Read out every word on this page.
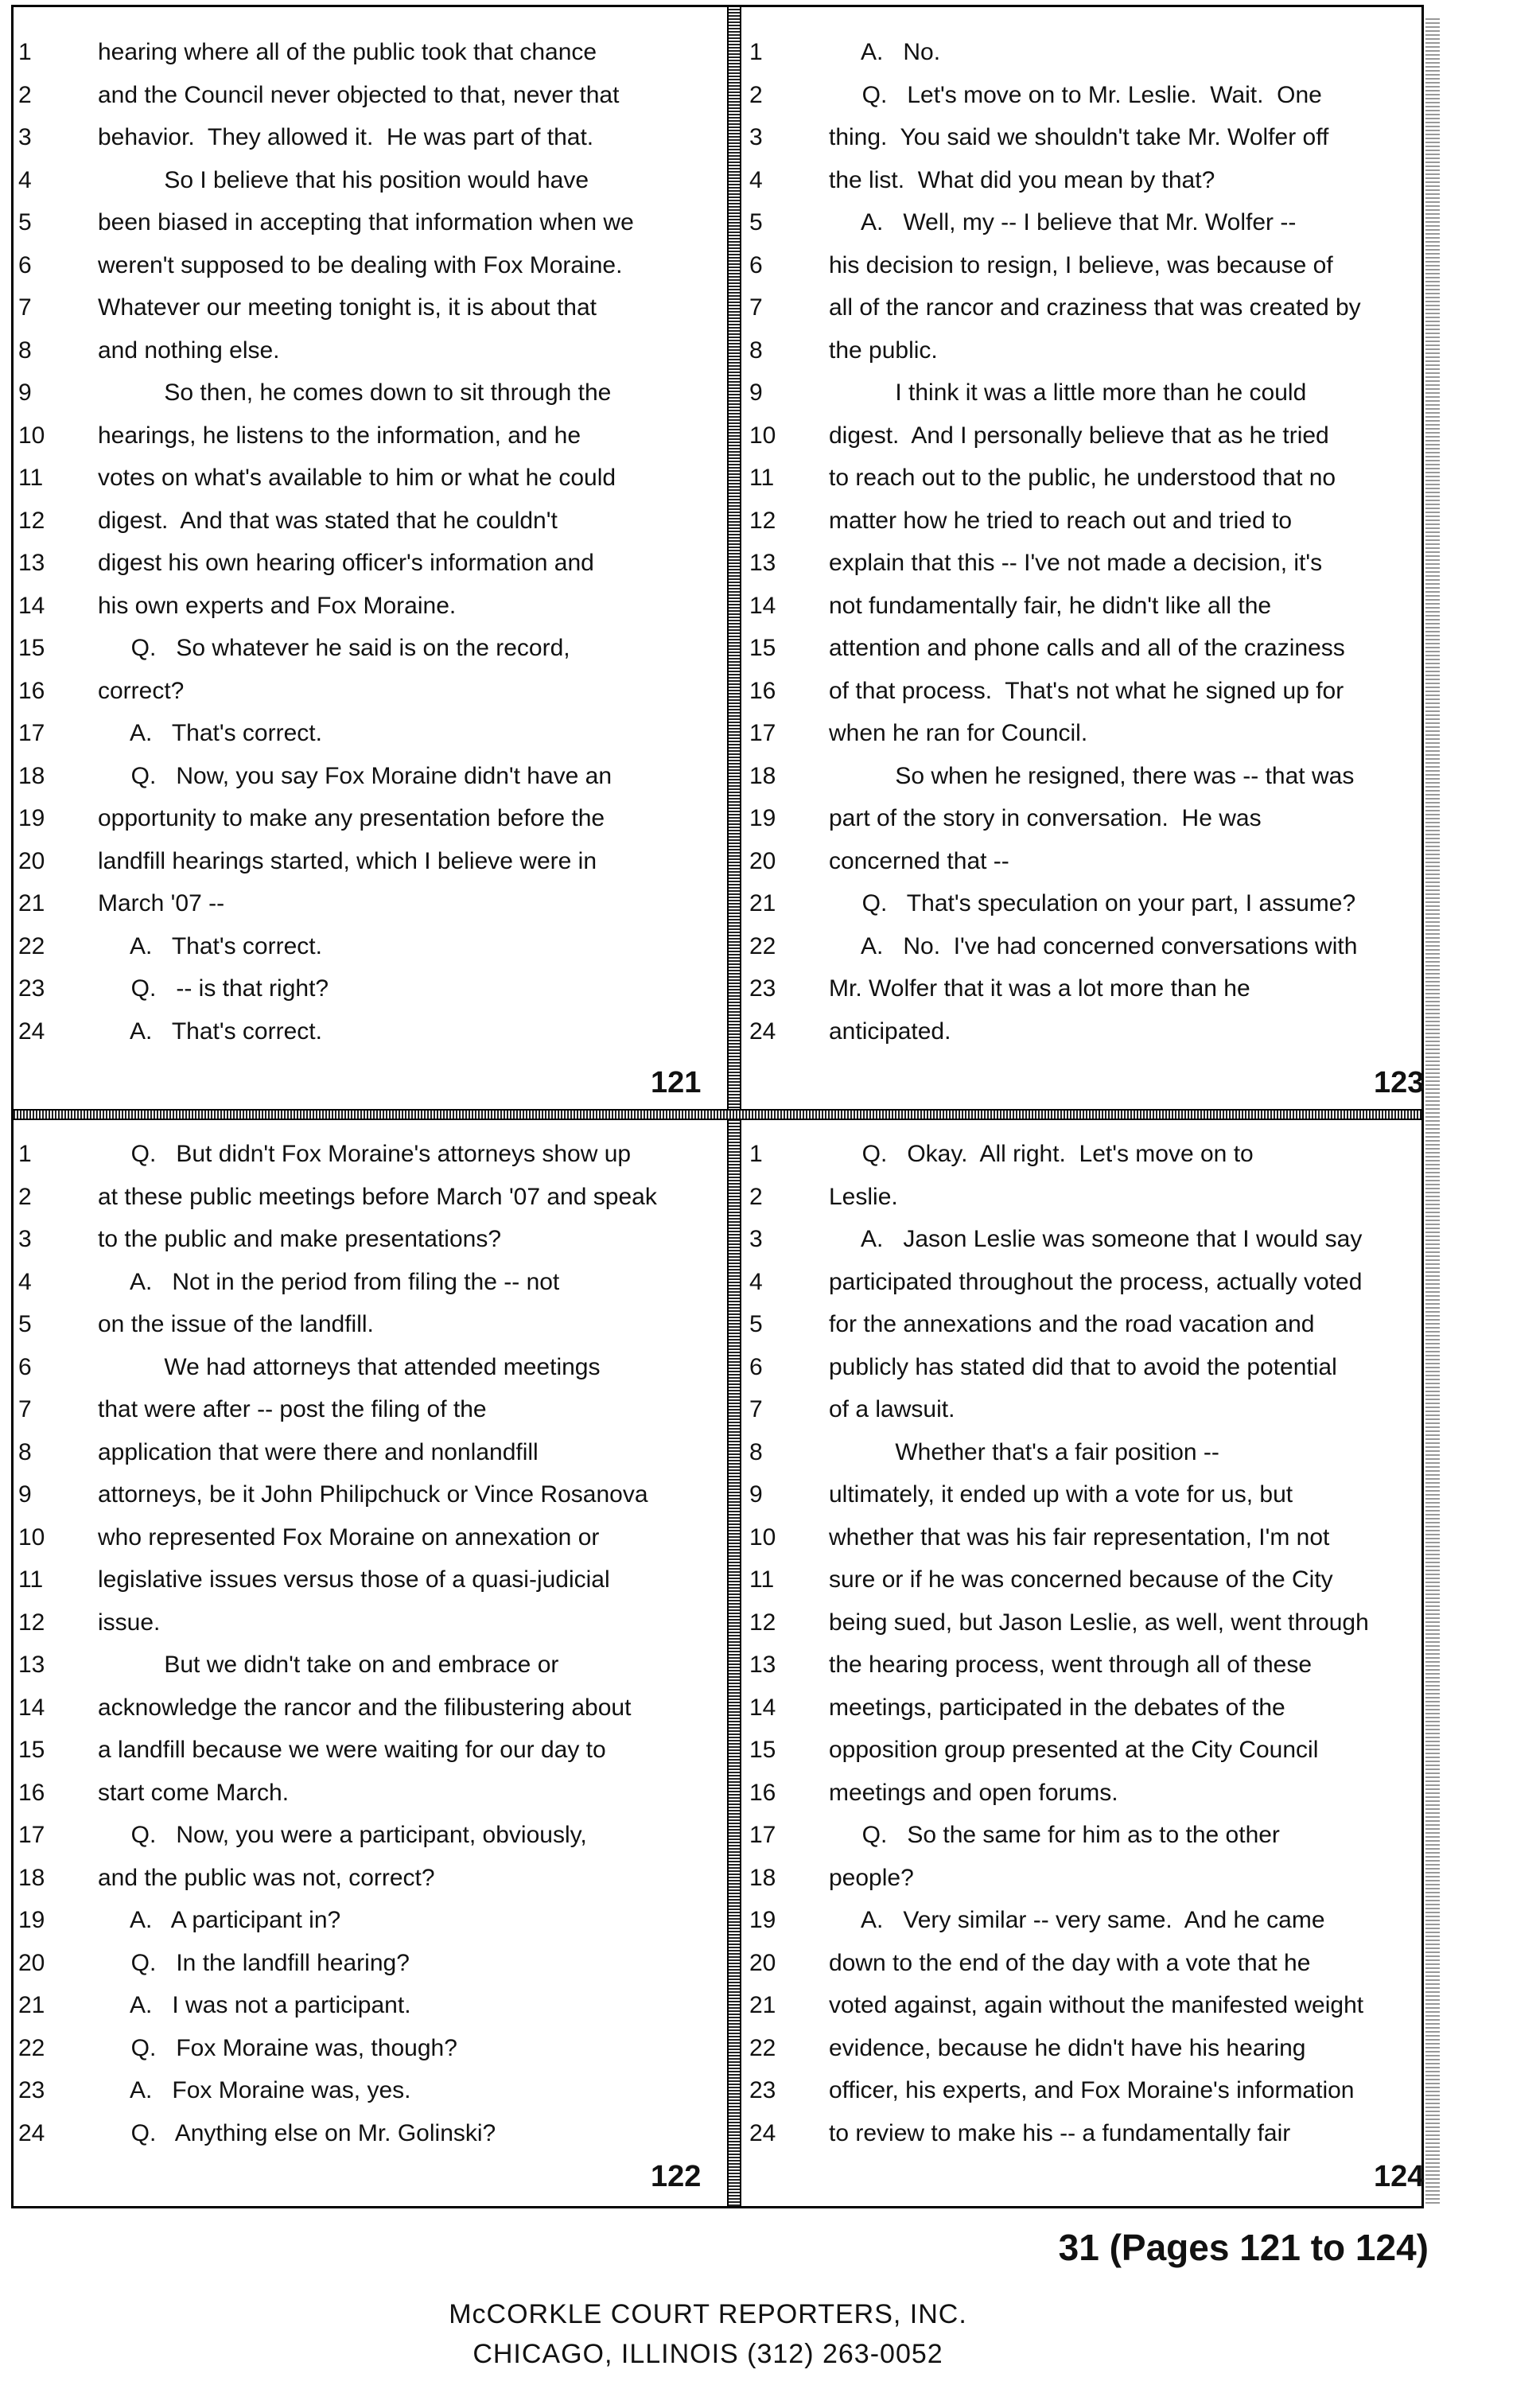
1	hearing where all of the public took that chance
2	and the Council never objected to that, never that
3	behavior.  They allowed it.  He was part of that.
4	So I believe that his position would have
5	been biased in accepting that information when we
6	weren't supposed to be dealing with Fox Moraine.
7	Whatever our meeting tonight is, it is about that
8	and nothing else.
9	So then, he comes down to sit through the
10	hearings, he listens to the information, and he
11	votes on what's available to him or what he could
12	digest.  And that was stated that he couldn't
13	digest his own hearing officer's information and
14	his own experts and Fox Moraine.
15	Q.   So whatever he said is on the record,
16	correct?
17	A.   That's correct.
18	Q.   Now, you say Fox Moraine didn't have an
19	opportunity to make any presentation before the
20	landfill hearings started, which I believe were in
21	March '07 --
22	A.   That's correct.
23	Q.   -- is that right?
24	A.   That's correct.
121
1	A.   No.
2	Q.   Let's move on to Mr. Leslie.  Wait.  One
3	thing.  You said we shouldn't take Mr. Wolfer off
4	the list.  What did you mean by that?
5	A.   Well, my -- I believe that Mr. Wolfer --
6	his decision to resign, I believe, was because of
7	all of the rancor and craziness that was created by
8	the public.
9	I think it was a little more than he could
10	digest.  And I personally believe that as he tried
11	to reach out to the public, he understood that no
12	matter how he tried to reach out and tried to
13	explain that this -- I've not made a decision, it's
14	not fundamentally fair, he didn't like all the
15	attention and phone calls and all of the craziness
16	of that process.  That's not what he signed up for
17	when he ran for Council.
18	So when he resigned, there was -- that was
19	part of the story in conversation.  He was
20	concerned that --
21	Q.   That's speculation on your part, I assume?
22	A.   No.  I've had concerned conversations with
23	Mr. Wolfer that it was a lot more than he
24	anticipated.
123
1	Q.   But didn't Fox Moraine's attorneys show up
2	at these public meetings before March '07 and speak
3	to the public and make presentations?
4	A.   Not in the period from filing the -- not
5	on the issue of the landfill.
6	We had attorneys that attended meetings
7	that were after -- post the filing of the
8	application that were there and nonlandfill
9	attorneys, be it John Philipchuck or Vince Rosanova
10	who represented Fox Moraine on annexation or
11	legislative issues versus those of a quasi-judicial
12	issue.
13	But we didn't take on and embrace or
14	acknowledge the rancor and the filibustering about
15	a landfill because we were waiting for our day to
16	start come March.
17	Q.   Now, you were a participant, obviously,
18	and the public was not, correct?
19	A.   A participant in?
20	Q.   In the landfill hearing?
21	A.   I was not a participant.
22	Q.   Fox Moraine was, though?
23	A.   Fox Moraine was, yes.
24	Q.   Anything else on Mr. Golinski?
122
1	Q.   Okay.  All right.  Let's move on to
2	Leslie.
3	A.   Jason Leslie was someone that I would say
4	participated throughout the process, actually voted
5	for the annexations and the road vacation and
6	publicly has stated did that to avoid the potential
7	of a lawsuit.
8	Whether that's a fair position --
9	ultimately, it ended up with a vote for us, but
10	whether that was his fair representation, I'm not
11	sure or if he was concerned because of the City
12	being sued, but Jason Leslie, as well, went through
13	the hearing process, went through all of these
14	meetings, participated in the debates of the
15	opposition group presented at the City Council
16	meetings and open forums.
17	Q.   So the same for him as to the other
18	people?
19	A.   Very similar -- very same.  And he came
20	down to the end of the day with a vote that he
21	voted against, again without the manifested weight
22	evidence, because he didn't have his hearing
23	officer, his experts, and Fox Moraine's information
24	to review to make his -- a fundamentally fair
124
31 (Pages 121 to 124)
McCORKLE COURT REPORTERS, INC.
CHICAGO, ILLINOIS (312) 263-0052
